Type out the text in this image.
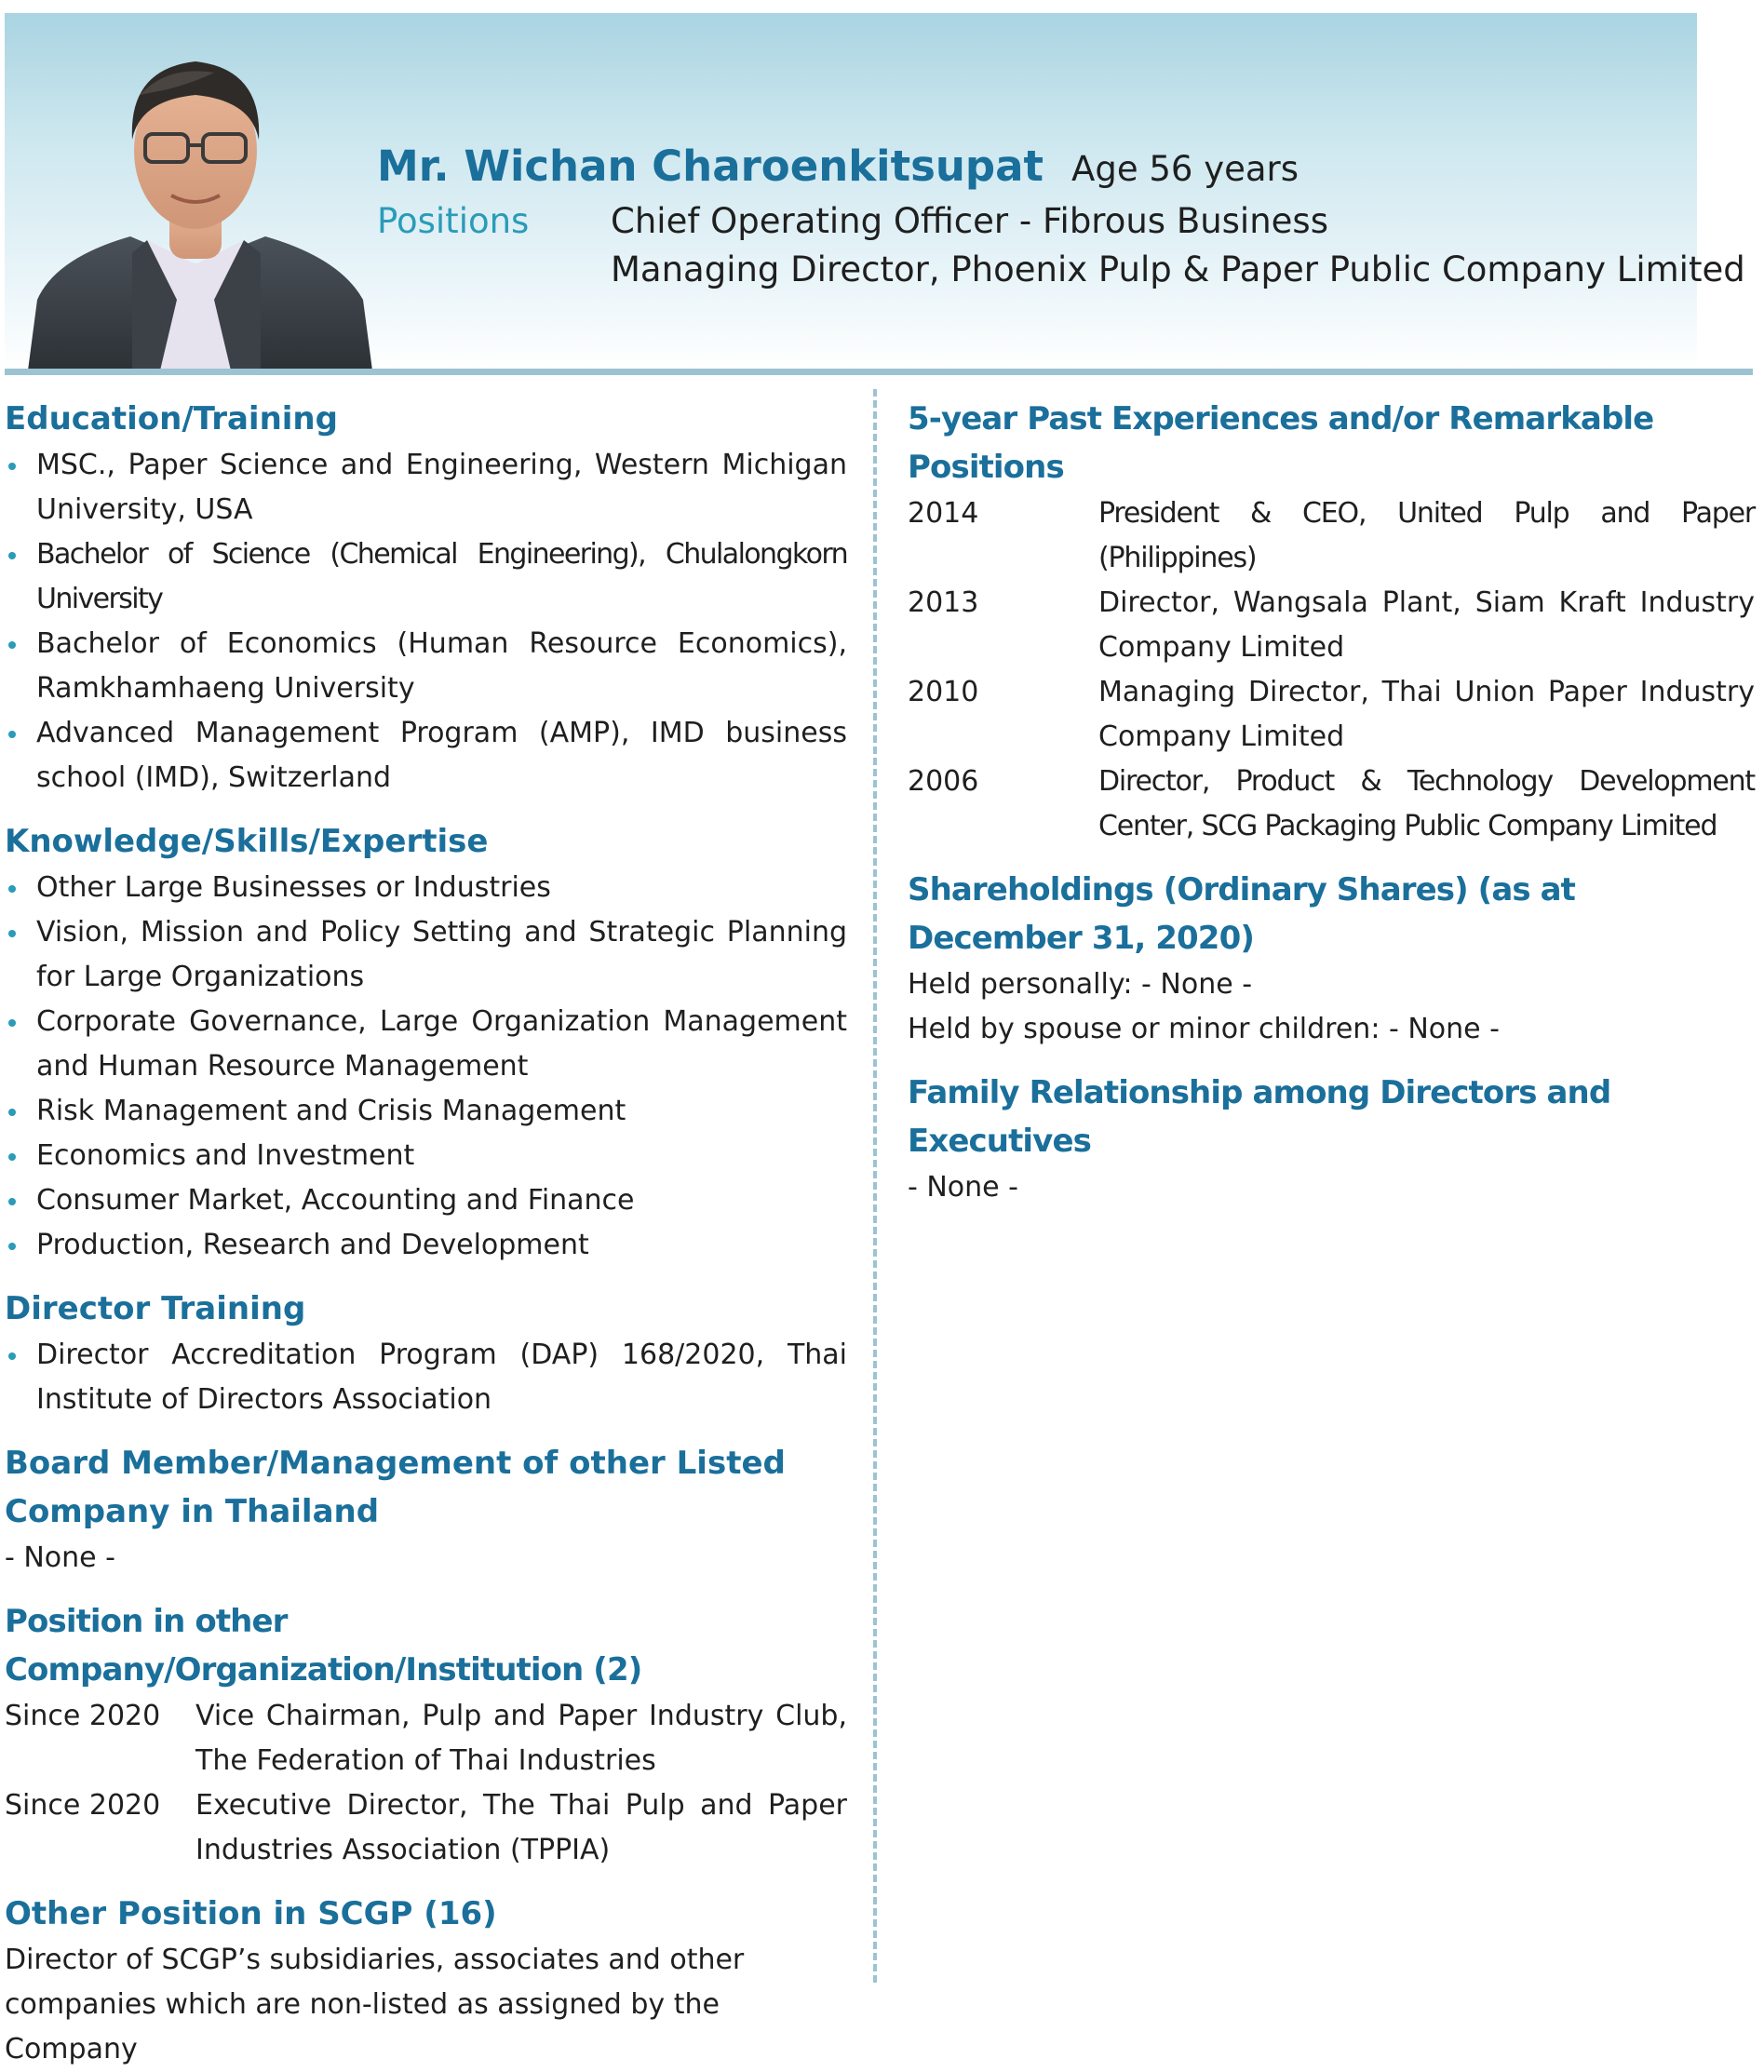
Mr. Wichan Charoenkitsupat Age 56 years
Positions Chief Operating Officer - Fibrous Business
Managing Director, Phoenix Pulp & Paper Public Company Limited
Education/Training
MSC., Paper Science and Engineering, Western Michigan University, USA
Bachelor of Science (Chemical Engineering), Chulalongkorn University
Bachelor of Economics (Human Resource Economics), Ramkhamhaeng University
Advanced Management Program (AMP), IMD business school (IMD), Switzerland
Knowledge/Skills/Expertise
Other Large Businesses or Industries
Vision, Mission and Policy Setting and Strategic Planning for Large Organizations
Corporate Governance, Large Organization Management and Human Resource Management
Risk Management and Crisis Management
Economics and Investment
Consumer Market, Accounting and Finance
Production, Research and Development
Director Training
Director Accreditation Program (DAP) 168/2020, Thai Institute of Directors Association
Board Member/Management of other Listed Company in Thailand
- None -
Position in other Company/Organization/Institution (2)
Since 2020	Vice Chairman, Pulp and Paper Industry Club, The Federation of Thai Industries
Since 2020	Executive Director, The Thai Pulp and Paper Industries Association (TPPIA)
Other Position in SCGP (16)
Director of SCGP’s subsidiaries, associates and other companies which are non-listed as assigned by the Company
5-year Past Experiences and/or Remarkable Positions
2014	President & CEO, United Pulp and Paper (Philippines)
2013	Director, Wangsala Plant, Siam Kraft Industry Company Limited
2010	Managing Director, Thai Union Paper Industry Company Limited
2006	Director, Product & Technology Development Center, SCG Packaging Public Company Limited
Shareholdings (Ordinary Shares) (as at December 31, 2020)
Held personally: - None -
Held by spouse or minor children: - None -
Family Relationship among Directors and Executives
- None -
